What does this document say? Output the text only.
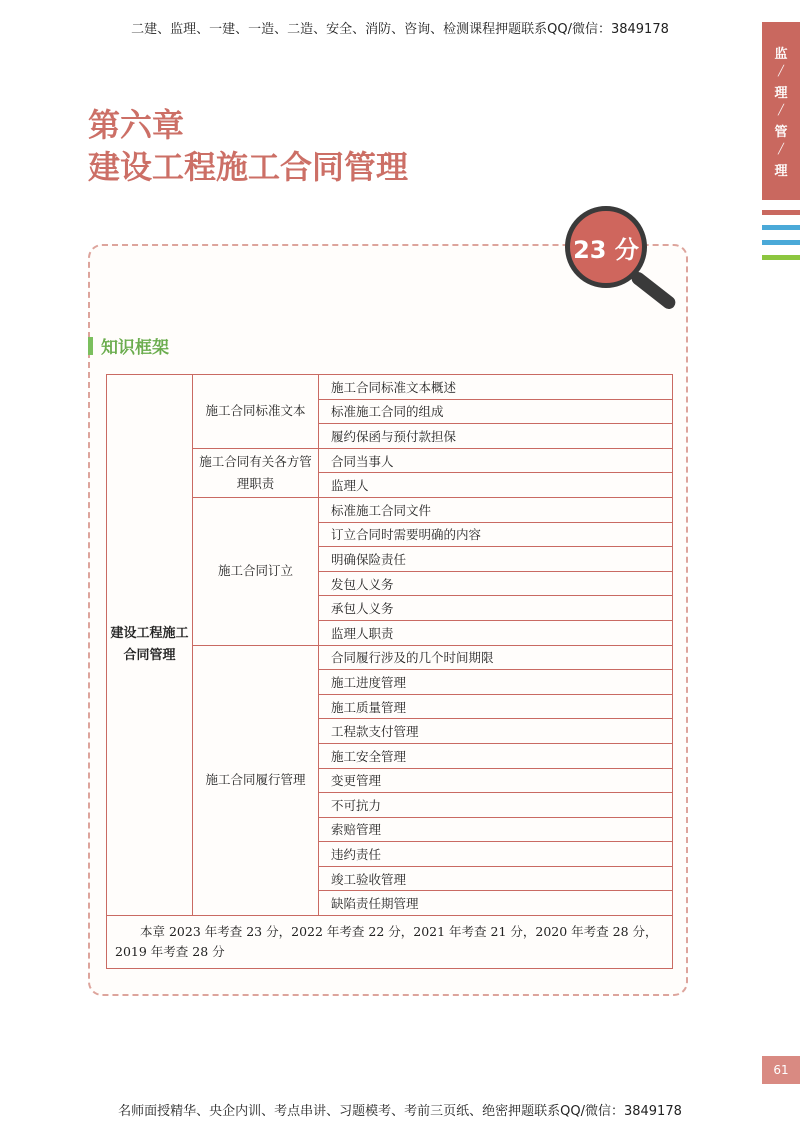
二建、监理、一建、一造、二造、安全、消防、咨询、检测课程押题联系QQ/微信：3849178
监
╱
理
╱
管
╱
理
第六章
建设工程施工合同管理
23 分
知识框架
建设工程施工合同管理	施工合同标准文本	施工合同标准文本概述
		标准施工合同的组成
		履约保函与预付款担保
	施工合同有关各方管理职责	合同当事人
		监理人
	施工合同订立	标准施工合同文件
		订立合同时需要明确的内容
		明确保险责任
		发包人义务
		承包人义务
		监理人职责
	施工合同履行管理	合同履行涉及的几个时间期限
		施工进度管理
		施工质量管理
		工程款支付管理
		施工安全管理
		变更管理
		不可抗力
		索赔管理
		违约责任
		竣工验收管理
		缺陷责任期管理
本章 2023 年考查 23 分，2022 年考查 22 分，2021 年考查 21 分，2020 年考查 28 分，2019 年考查 28 分		
61
名师面授精华、央企内训、考点串讲、习题模考、考前三页纸、绝密押题联系QQ/微信：3849178
